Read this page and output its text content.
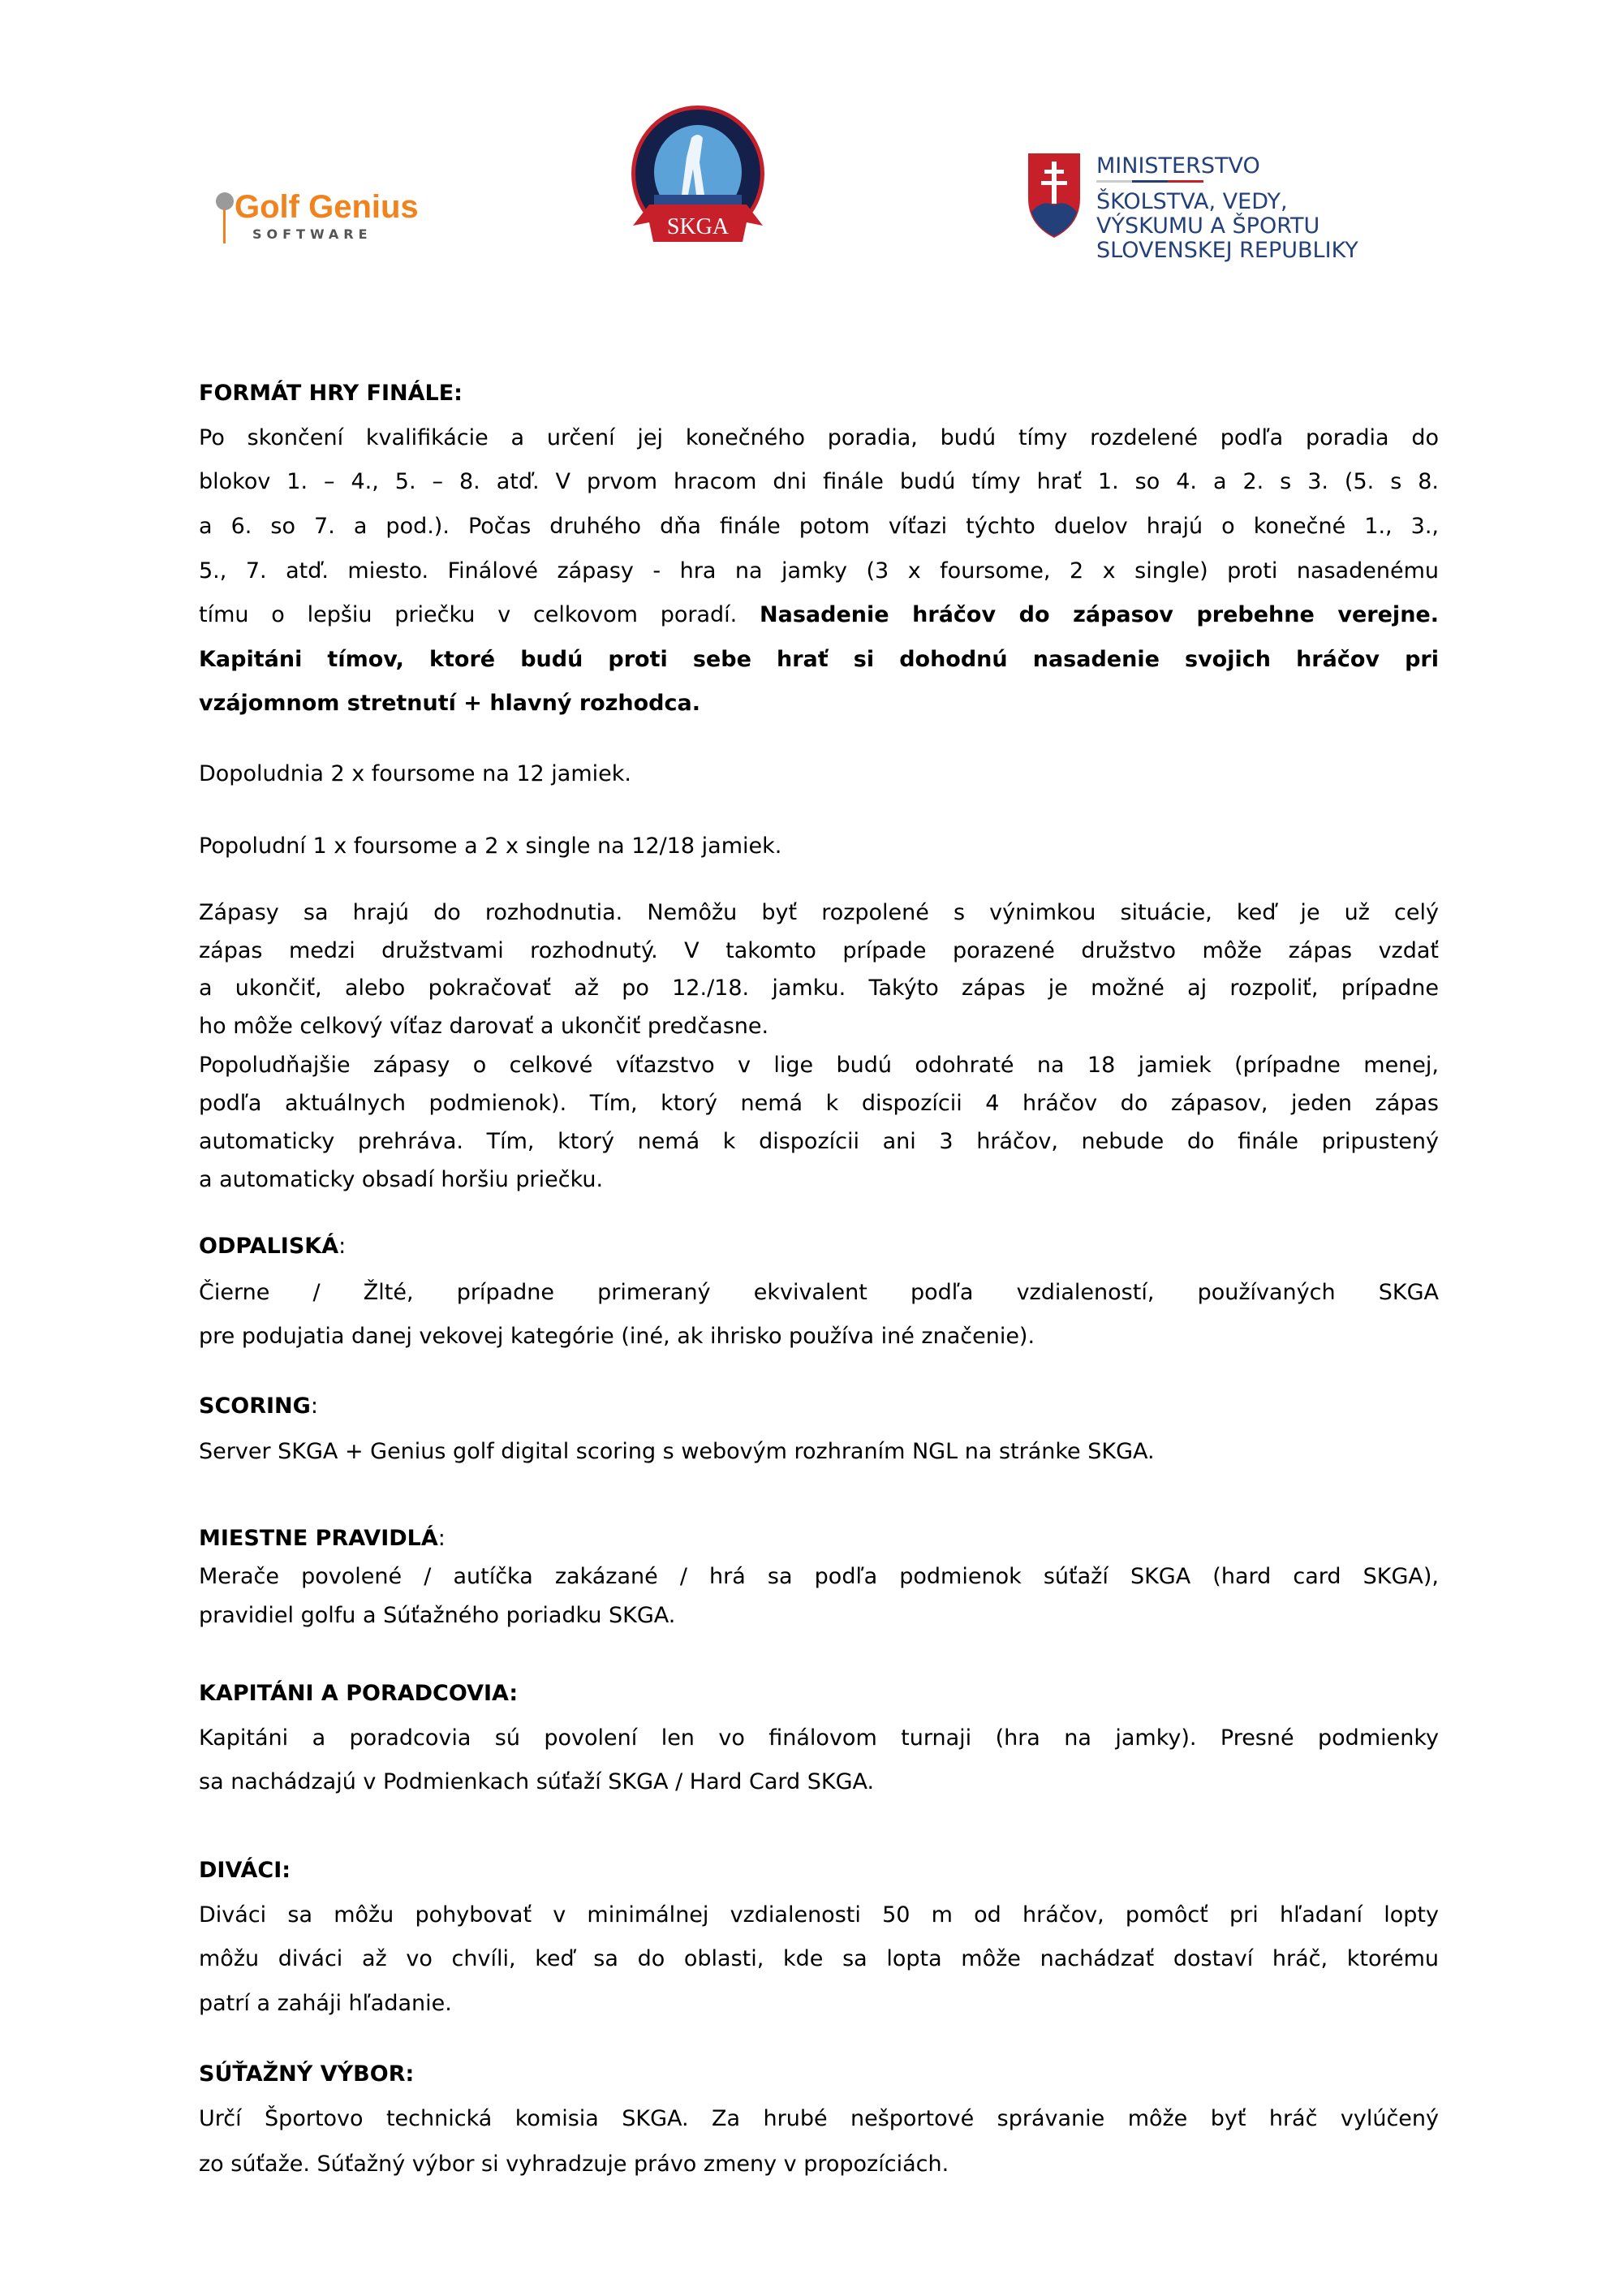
Golf Genius
SOFTWARE	SKGA
MINISTERSTVO
ŠKOLSTVA, VEDY,
VÝSKUMU A ŠPORTU
SLOVENSKEJ REPUBLIKY
FORMÁT HRY FINÁLE:
Po skončení kvalifikácie a určení jej konečného poradia, budú tímy rozdelené podľa poradia do
blokov 1. – 4., 5. – 8. atď. V prvom hracom dni finále budú tímy hrať 1. so 4. a 2. s 3. (5. s 8.
a 6. so 7. a pod.). Počas druhého dňa finále potom víťazi týchto duelov hrajú o konečné 1., 3.,
5., 7. atď. miesto. Finálové zápasy - hra na jamky (3 x foursome, 2 x single) proti nasadenému
tímu o lepšiu priečku v celkovom poradí. Nasadenie hráčov do zápasov prebehne verejne.
Kapitáni tímov, ktoré budú proti sebe hrať si dohodnú nasadenie svojich hráčov pri
vzájomnom stretnutí + hlavný rozhodca.
Dopoludnia 2 x foursome na 12 jamiek.
Popoludní 1 x foursome a 2 x single na 12/18 jamiek.
Zápasy sa hrajú do rozhodnutia. Nemôžu byť rozpolené s výnimkou situácie, keď je už celý
zápas medzi družstvami rozhodnutý. V takomto prípade porazené družstvo môže zápas vzdať
a ukončiť, alebo pokračovať až po 12./18. jamku. Takýto zápas je možné aj rozpoliť, prípadne
ho môže celkový víťaz darovať a ukončiť predčasne.
Popoludňajšie zápasy o celkové víťazstvo v lige budú odohraté na 18 jamiek (prípadne menej,
podľa aktuálnych podmienok). Tím, ktorý nemá k dispozícii 4 hráčov do zápasov, jeden zápas
automaticky prehráva. Tím, ktorý nemá k dispozícii ani 3 hráčov, nebude do finále pripustený
a automaticky obsadí horšiu priečku.
ODPALISKÁ:
Čierne / Žlté, prípadne primeraný ekvivalent podľa vzdialeností, používaných SKGA
pre podujatia danej vekovej kategórie (iné, ak ihrisko používa iné značenie).
SCORING:
Server SKGA + Genius golf digital scoring s webovým rozhraním NGL na stránke SKGA.
MIESTNE PRAVIDLÁ:
Merače povolené / autíčka zakázané / hrá sa podľa podmienok súťaží SKGA (hard card SKGA),
pravidiel golfu a Súťažného poriadku SKGA.
KAPITÁNI A PORADCOVIA:
Kapitáni a poradcovia sú povolení len vo finálovom turnaji (hra na jamky). Presné podmienky
sa nachádzajú v Podmienkach súťaží SKGA / Hard Card SKGA.
DIVÁCI:
Diváci sa môžu pohybovať v minimálnej vzdialenosti 50 m od hráčov, pomôcť pri hľadaní lopty
môžu diváci až vo chvíli, keď sa do oblasti, kde sa lopta môže nachádzať dostaví hráč, ktorému
patrí a zaháji hľadanie.
SÚŤAŽNÝ VÝBOR:
Určí Športovo technická komisia SKGA. Za hrubé nešportové správanie môže byť hráč vylúčený
zo súťaže. Súťažný výbor si vyhradzuje právo zmeny v propozíciách.
